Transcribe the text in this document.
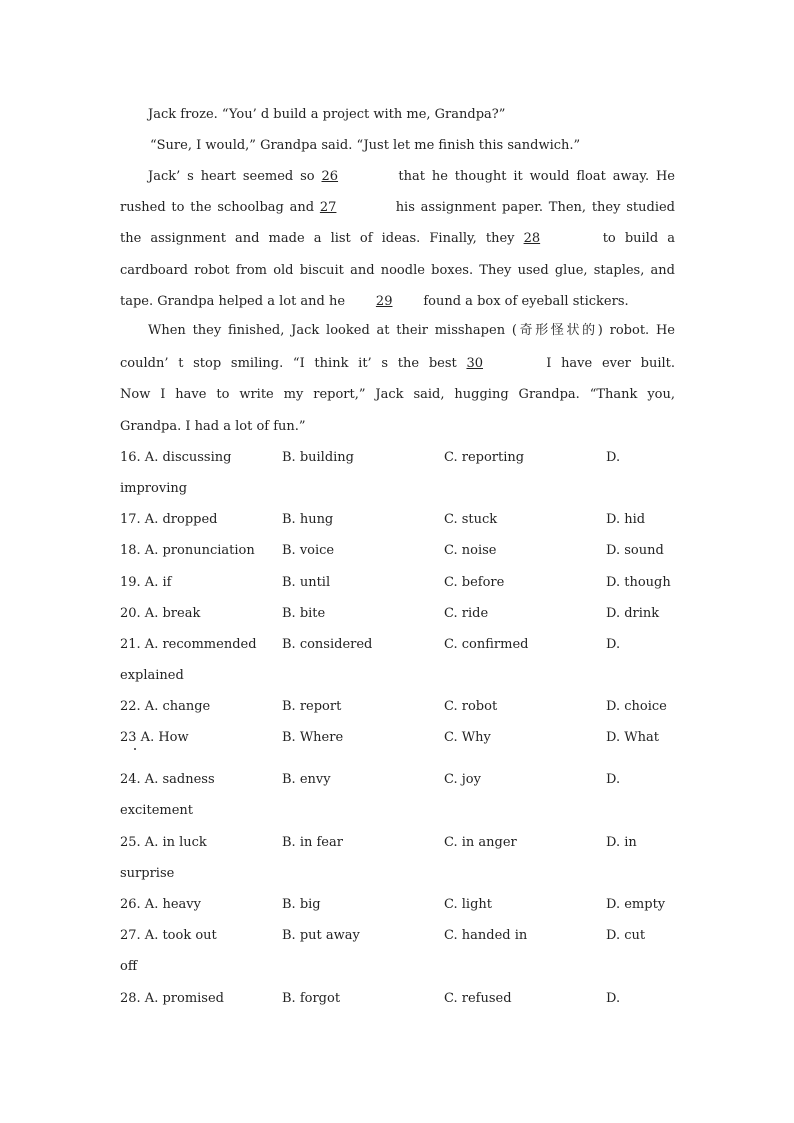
Jack froze. “You’ d build a project with me, Grandpa?”
“Sure, I would,” Grandpa said. “Just let me finish this sandwich.”
Jack’ s heart seemed so 26	that he thought it would float away. He
rushed to the schoolbag and 27	his assignment paper. Then, they studied
the assignment and made a list of ideas. Finally, they 28	to build a
cardboard robot from old biscuit and noodle boxes. They used glue, staples, and
tape. Grandpa helped a lot and he 29 found a box of eyeball stickers.
When they finished, Jack looked at their misshapen (奇形怪状的) robot. He
couldn’ t stop smiling. “I think it’ s the best 30	I have ever built.
Now I have to write my report,” Jack said, hugging Grandpa. “Thank you,
Grandpa. I had a lot of fun.”
16. A. discussing	B. building	C. reporting	D.
improving
17. A. dropped	B. hung	C. stuck	D. hid
18. A. pronunciation B. voice	C. noise	D. sound
19. A. if	B. until	C. before	D. though
20. A. break	B. bite	C. ride	D. drink
21. A. recommended B. considered	C. confirmed	D.
explained
22. A. change	B. report	C. robot	D. choice
23 A. How	B. Where	C. Why	D. What
24. A. sadness	B. envy	C. joy	D.
excitement
25. A. in luck	B. in fear	C. in anger	D. in
surprise
26. A. heavy	B. big	C. light	D. empty
27. A. took out	B. put away	C. handed in	D. cut
off
28. A. promised	B. forgot	C. refused	D.
